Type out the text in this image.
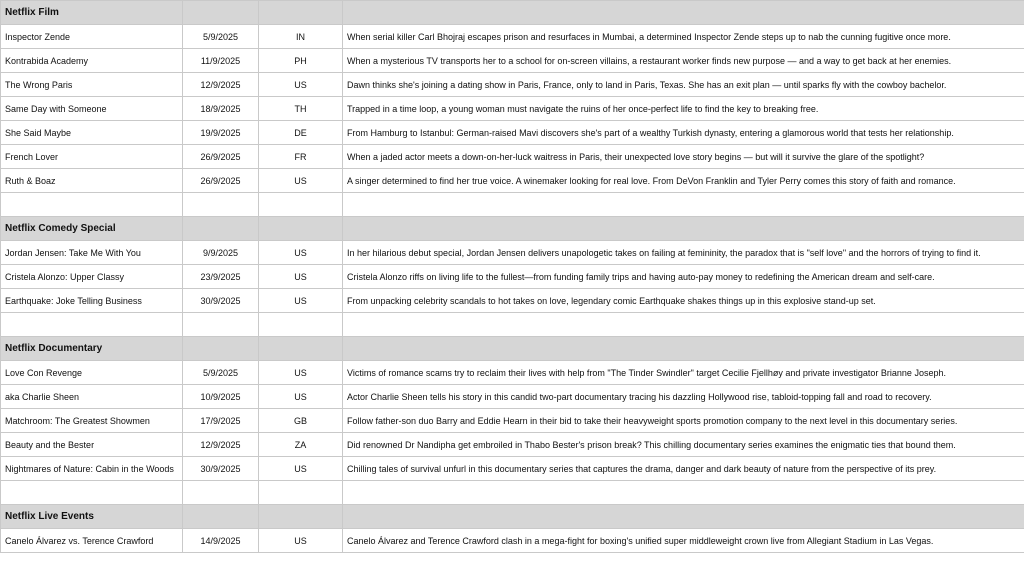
Netflix Film			
Inspector Zende	5/9/2025	IN	When serial killer Carl Bhojraj escapes prison and resurfaces in Mumbai, a determined Inspector Zende steps up to nab the cunning fugitive once more.
Kontrabida Academy	11/9/2025	PH	When a mysterious TV transports her to a school for on-screen villains, a restaurant worker finds new purpose — and a way to get back at her enemies.
The Wrong Paris	12/9/2025	US	Dawn thinks she's joining a dating show in Paris, France, only to land in Paris, Texas. She has an exit plan — until sparks fly with the cowboy bachelor.
Same Day with Someone	18/9/2025	TH	Trapped in a time loop, a young woman must navigate the ruins of her once-perfect life to find the key to breaking free.
She Said Maybe	19/9/2025	DE	From Hamburg to Istanbul: German-raised Mavi discovers she's part of a wealthy Turkish dynasty, entering a glamorous world that tests her relationship.
French Lover	26/9/2025	FR	When a jaded actor meets a down-on-her-luck waitress in Paris, their unexpected love story begins — but will it survive the glare of the spotlight?
Ruth & Boaz	26/9/2025	US	A singer determined to find her true voice. A winemaker looking for real love. From DeVon Franklin and Tyler Perry comes this story of faith and romance.

Netflix Comedy Special			
Jordan Jensen: Take Me With You	9/9/2025	US	In her hilarious debut special, Jordan Jensen delivers unapologetic takes on failing at femininity, the paradox that is "self love" and the horrors of trying to find it.
Cristela Alonzo: Upper Classy	23/9/2025	US	Cristela Alonzo riffs on living life to the fullest—from funding family trips and having auto-pay money to redefining the American dream and self-care.
Earthquake: Joke Telling Business	30/9/2025	US	From unpacking celebrity scandals to hot takes on love, legendary comic Earthquake shakes things up in this explosive stand-up set.

Netflix Documentary			
Love Con Revenge	5/9/2025	US	Victims of romance scams try to reclaim their lives with help from "The Tinder Swindler" target Cecilie Fjellhøy and private investigator Brianne Joseph.
aka Charlie Sheen	10/9/2025	US	Actor Charlie Sheen tells his story in this candid two-part documentary tracing his dazzling Hollywood rise, tabloid-topping fall and road to recovery.
Matchroom: The Greatest Showmen	17/9/2025	GB	Follow father-son duo Barry and Eddie Hearn in their bid to take their heavyweight sports promotion company to the next level in this documentary series.
Beauty and the Bester	12/9/2025	ZA	Did renowned Dr Nandipha get embroiled in Thabo Bester's prison break? This chilling documentary series examines the enigmatic ties that bound them.
Nightmares of Nature: Cabin in the Woods	30/9/2025	US	Chilling tales of survival unfurl in this documentary series that captures the drama, danger and dark beauty of nature from the perspective of its prey.

Netflix Live Events			
Canelo Álvarez vs. Terence Crawford	14/9/2025	US	Canelo Álvarez and Terence Crawford clash in a mega-fight for boxing's unified super middleweight crown live from Allegiant Stadium in Las Vegas.
